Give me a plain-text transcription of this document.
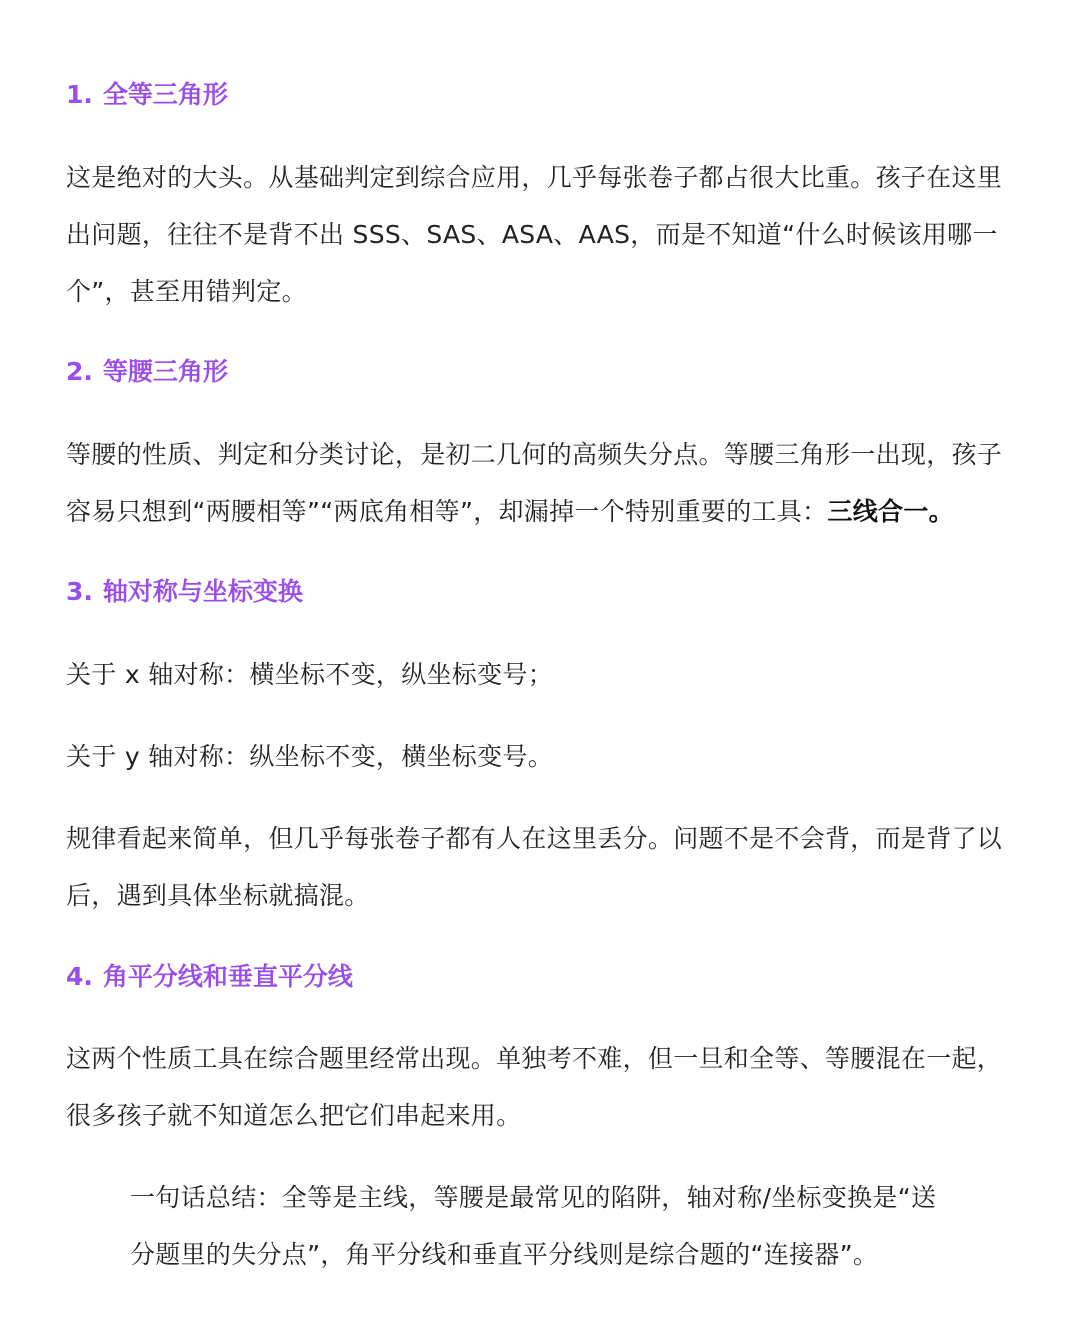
1. 全等三角形

这是绝对的大头。从基础判定到综合应用，几乎每张卷子都占很大比重。孩子在这里出问题，往往不是背不出 SSS、SAS、ASA、AAS，而是不知道“什么时候该用哪一个”，甚至用错判定。

2. 等腰三角形

等腰的性质、判定和分类讨论，是初二几何的高频失分点。等腰三角形一出现，孩子容易只想到“两腰相等”“两底角相等”，却漏掉一个特别重要的工具：三线合一。

3. 轴对称与坐标变换

关于 x 轴对称：横坐标不变，纵坐标变号；

关于 y 轴对称：纵坐标不变，横坐标变号。

规律看起来简单，但几乎每张卷子都有人在这里丢分。问题不是不会背，而是背了以后，遇到具体坐标就搞混。

4. 角平分线和垂直平分线

这两个性质工具在综合题里经常出现。单独考不难，但一旦和全等、等腰混在一起，很多孩子就不知道怎么把它们串起来用。

一句话总结：全等是主线，等腰是最常见的陷阱，轴对称/坐标变换是“送分题里的失分点”，角平分线和垂直平分线则是综合题的“连接器”。
